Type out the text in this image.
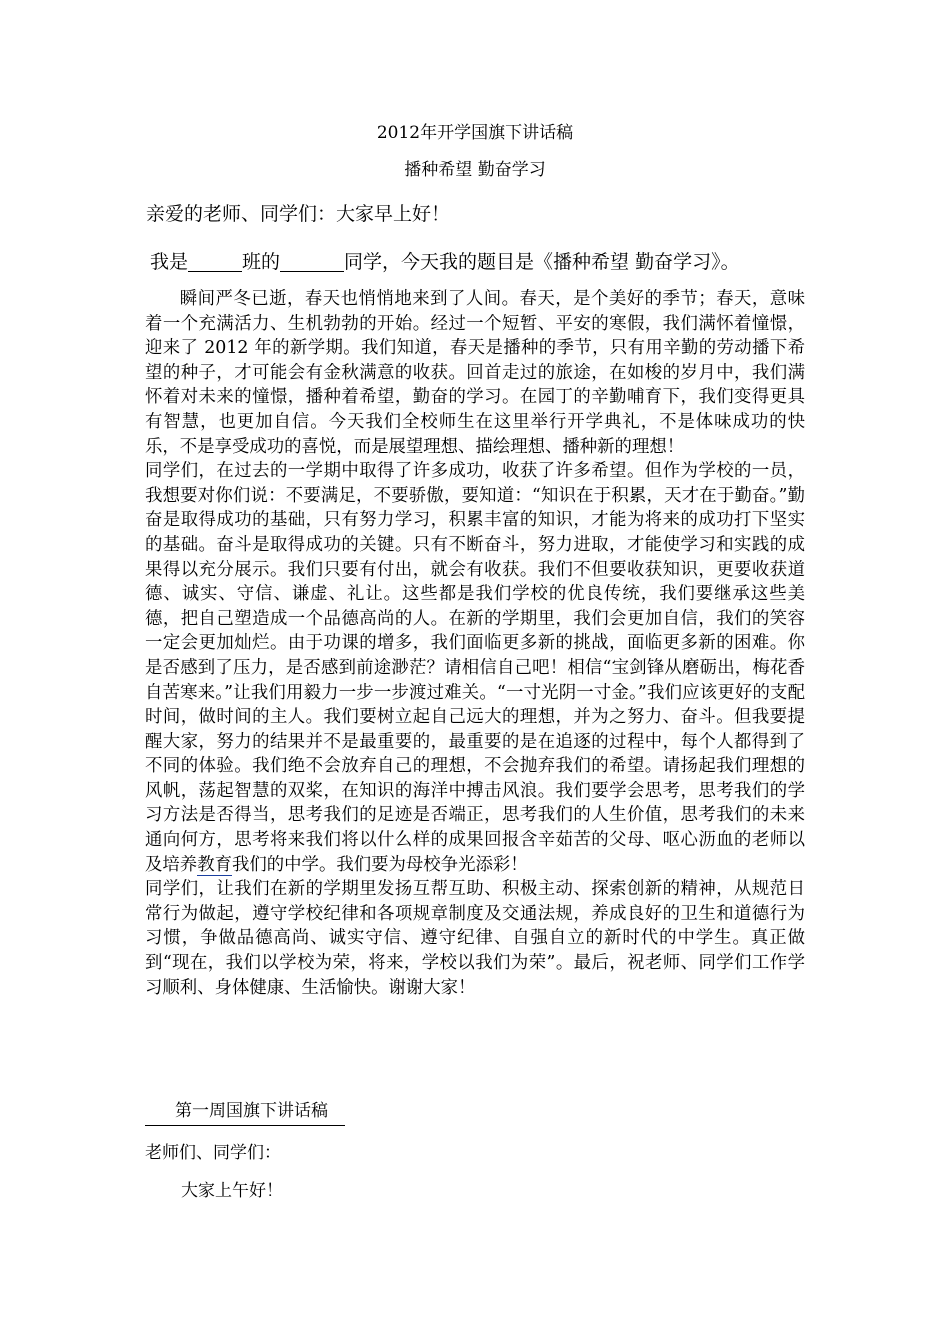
2012年开学国旗下讲话稿
播种希望 勤奋学习
亲爱的老师、同学们：大家早上好！
我是	班的	同学，今天我的题目是《播种希望 勤奋学习》。

瞬间严冬已逝，春天也悄悄地来到了人间。春天，是个美好的季节；春天，意味着一个充满活力、生机勃勃的开始。经过一个短暂、平安的寒假，我们满怀着憧憬，迎来了 2012 年的新学期。我们知道，春天是播种的季节，只有用辛勤的劳动播下希望的种子，才可能会有金秋满意的收获。回首走过的旅途，在如梭的岁月中，我们满怀着对未来的憧憬，播种着希望，勤奋的学习。在园丁的辛勤哺育下，我们变得更具有智慧，也更加自信。今天我们全校师生在这里举行开学典礼，不是体味成功的快乐，不是享受成功的喜悦，而是展望理想、描绘理想、播种新的理想！

同学们，在过去的一学期中取得了许多成功，收获了许多希望。但作为学校的一员，我想要对你们说：不要满足，不要骄傲，要知道：“知识在于积累，天才在于勤奋。”勤奋是取得成功的基础，只有努力学习，积累丰富的知识，才能为将来的成功打下坚实的基础。奋斗是取得成功的关键。只有不断奋斗，努力进取，才能使学习和实践的成果得以充分展示。我们只要有付出，就会有收获。我们不但要收获知识，更要收获道德、诚实、守信、谦虚、礼让。这些都是我们学校的优良传统，我们要继承这些美德，把自己塑造成一个品德高尚的人。在新的学期里，我们会更加自信，我们的笑容一定会更加灿烂。由于功课的增多，我们面临更多新的挑战，面临更多新的困难。你是否感到了压力，是否感到前途渺茫？请相信自己吧！相信“宝剑锋从磨砺出，梅花香自苦寒来。”让我们用毅力一步一步渡过难关。“一寸光阴一寸金。”我们应该更好的支配时间，做时间的主人。我们要树立起自己远大的理想，并为之努力、奋斗。但我要提醒大家，努力的结果并不是最重要的，最重要的是在追逐的过程中，每个人都得到了不同的体验。我们绝不会放弃自己的理想，不会抛弃我们的希望。请扬起我们理想的风帆，荡起智慧的双桨，在知识的海洋中搏击风浪。我们要学会思考，思考我们的学习方法是否得当，思考我们的足迹是否端正，思考我们的人生价值，思考我们的未来通向何方，思考将来我们将以什么样的成果回报含辛茹苦的父母、呕心沥血的老师以及培养教育我们的中学。我们要为母校争光添彩！

同学们，让我们在新的学期里发扬互帮互助、积极主动、探索创新的精神，从规范日常行为做起，遵守学校纪律和各项规章制度及交通法规，养成良好的卫生和道德行为习惯，争做品德高尚、诚实守信、遵守纪律、自强自立的新时代的中学生。真正做到“现在，我们以学校为荣，将来，学校以我们为荣”。最后，祝老师、同学们工作学习顺利、身体健康、生活愉快。谢谢大家！

第一周国旗下讲话稿
老师们、同学们：
大家上午好！
